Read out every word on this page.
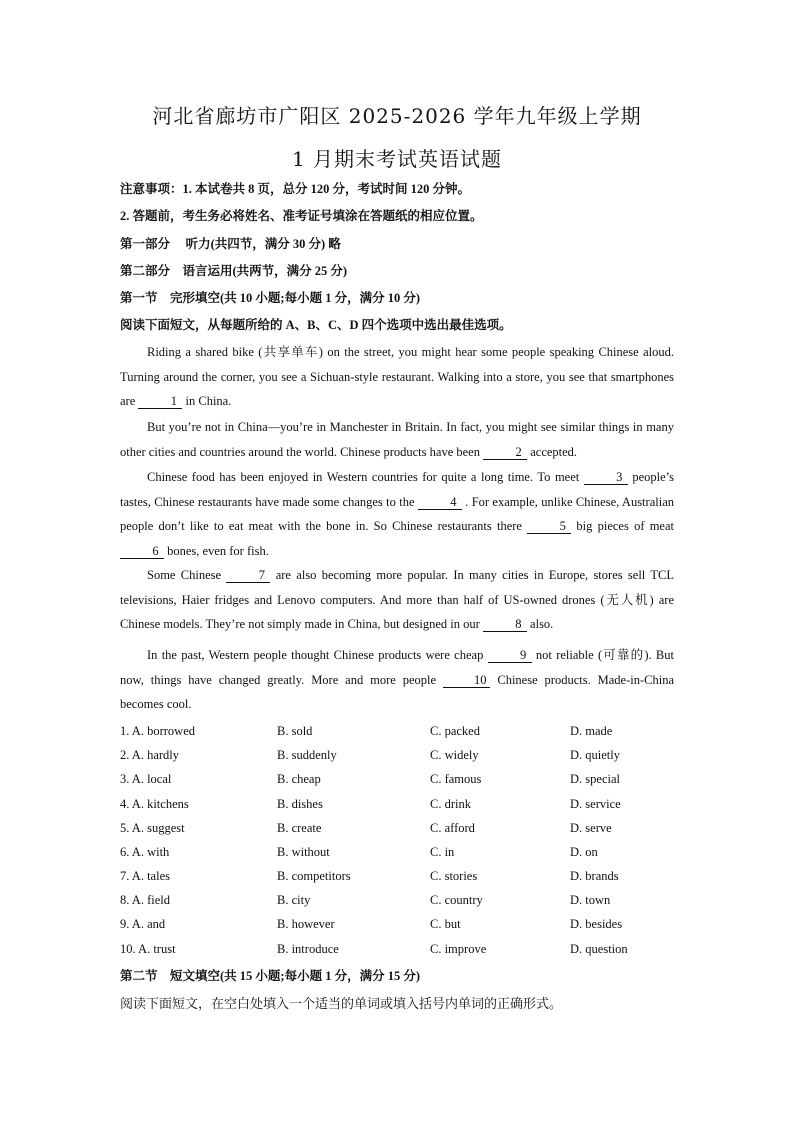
河北省廊坊市广阳区 2025-2026 学年九年级上学期
1 月期末考试英语试题
注意事项：1. 本试卷共 8 页，总分 120 分，考试时间 120 分钟。
2. 答题前，考生务必将姓名、准考证号填涂在答题纸的相应位置。
第一部分　 听力(共四节，满分 30 分) 略
第二部分　语言运用(共两节，满分 25 分)
第一节　完形填空(共 10 小题;每小题 1 分，满分 10 分)
阅读下面短文，从每题所给的 A、B、C、D 四个选项中选出最佳选项。
Riding a shared bike (共享单车) on the street, you might hear some people speaking Chinese aloud. Turning around the corner, you see a Sichuan-style restaurant. Walking into a store, you see that smartphones are	1 in China.
But you’re not in China—you’re in Manchester in Britain. In fact, you might see similar things in many other cities and countries around the world. Chinese products have been	2 accepted.
Chinese food has been enjoyed in Western countries for quite a long time. To meet	3 people’s tastes, Chinese restaurants have made some changes to the	4 . For example, unlike Chinese, Australian people don’t like to eat meat with the bone in. So Chinese restaurants there	5 big pieces of meat 6 bones, even for fish.
Some Chinese	7 are also becoming more popular. In many cities in Europe, stores sell TCL televisions, Haier fridges and Lenovo computers. And more than half of US-owned drones (无人机) are Chinese models. They’re not simply made in China, but designed in our	8 also.
In the past, Western people thought Chinese products were cheap	9 not reliable (可靠的). But now, things have changed greatly. More and more people 10 Chinese products. Made-in-China becomes cool.
1. A. borrowed	B. sold	C. packed	D. made
2. A. hardly	B. suddenly	C. widely	D. quietly
3. A. local	B. cheap	C. famous	D. special
4. A. kitchens	B. dishes	C. drink	D. service
5. A. suggest	B. create	C. afford	D. serve
6. A. with	B. without	C. in	D. on
7. A. tales	B. competitors	C. stories	D. brands
8. A. field	B. city	C. country	D. town
9. A. and	B. however	C. but	D. besides
10. A. trust	B. introduce	C. improve	D. question
第二节　短文填空(共 15 小题;每小题 1 分，满分 15 分)
阅读下面短文，在空白处填入一个适当的单词或填入括号内单词的正确形式。
